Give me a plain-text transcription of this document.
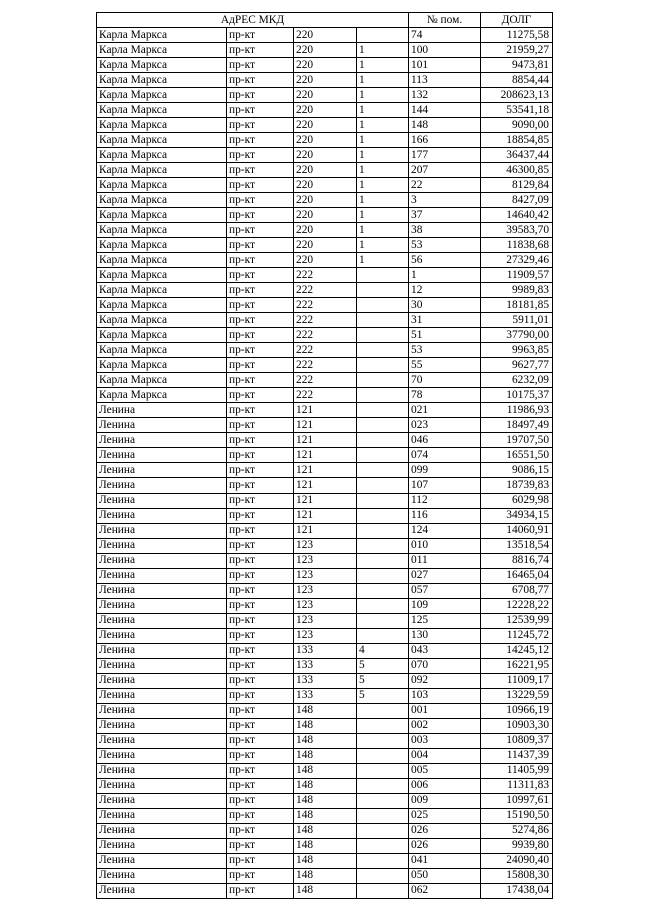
АдРЕС МКД				№ пом.	ДОЛГ
Карла Маркса	пр-кт	220		74	11275,58
Карла Маркса	пр-кт	220	1	100	21959,27
Карла Маркса	пр-кт	220	1	101	9473,81
Карла Маркса	пр-кт	220	1	113	8854,44
Карла Маркса	пр-кт	220	1	132	208623,13
Карла Маркса	пр-кт	220	1	144	53541,18
Карла Маркса	пр-кт	220	1	148	9090,00
Карла Маркса	пр-кт	220	1	166	18854,85
Карла Маркса	пр-кт	220	1	177	36437,44
Карла Маркса	пр-кт	220	1	207	46300,85
Карла Маркса	пр-кт	220	1	22	8129,84
Карла Маркса	пр-кт	220	1	3	8427,09
Карла Маркса	пр-кт	220	1	37	14640,42
Карла Маркса	пр-кт	220	1	38	39583,70
Карла Маркса	пр-кт	220	1	53	11838,68
Карла Маркса	пр-кт	220	1	56	27329,46
Карла Маркса	пр-кт	222		1	11909,57
Карла Маркса	пр-кт	222		12	9989,83
Карла Маркса	пр-кт	222		30	18181,85
Карла Маркса	пр-кт	222		31	5911,01
Карла Маркса	пр-кт	222		51	37790,00
Карла Маркса	пр-кт	222		53	9963,85
Карла Маркса	пр-кт	222		55	9627,77
Карла Маркса	пр-кт	222		70	6232,09
Карла Маркса	пр-кт	222		78	10175,37
Ленина	пр-кт	121		021	11986,93
Ленина	пр-кт	121		023	18497,49
Ленина	пр-кт	121		046	19707,50
Ленина	пр-кт	121		074	16551,50
Ленина	пр-кт	121		099	9086,15
Ленина	пр-кт	121		107	18739,83
Ленина	пр-кт	121		112	6029,98
Ленина	пр-кт	121		116	34934,15
Ленина	пр-кт	121		124	14060,91
Ленина	пр-кт	123		010	13518,54
Ленина	пр-кт	123		011	8816,74
Ленина	пр-кт	123		027	16465,04
Ленина	пр-кт	123		057	6708,77
Ленина	пр-кт	123		109	12228,22
Ленина	пр-кт	123		125	12539,99
Ленина	пр-кт	123		130	11245,72
Ленина	пр-кт	133	4	043	14245,12
Ленина	пр-кт	133	5	070	16221,95
Ленина	пр-кт	133	5	092	11009,17
Ленина	пр-кт	133	5	103	13229,59
Ленина	пр-кт	148		001	10966,19
Ленина	пр-кт	148		002	10903,30
Ленина	пр-кт	148		003	10809,37
Ленина	пр-кт	148		004	11437,39
Ленина	пр-кт	148		005	11405,99
Ленина	пр-кт	148		006	11311,83
Ленина	пр-кт	148		009	10997,61
Ленина	пр-кт	148		025	15190,50
Ленина	пр-кт	148		026	5274,86
Ленина	пр-кт	148		026	9939,80
Ленина	пр-кт	148		041	24090,40
Ленина	пр-кт	148		050	15808,30
Ленина	пр-кт	148		062	17438,04
